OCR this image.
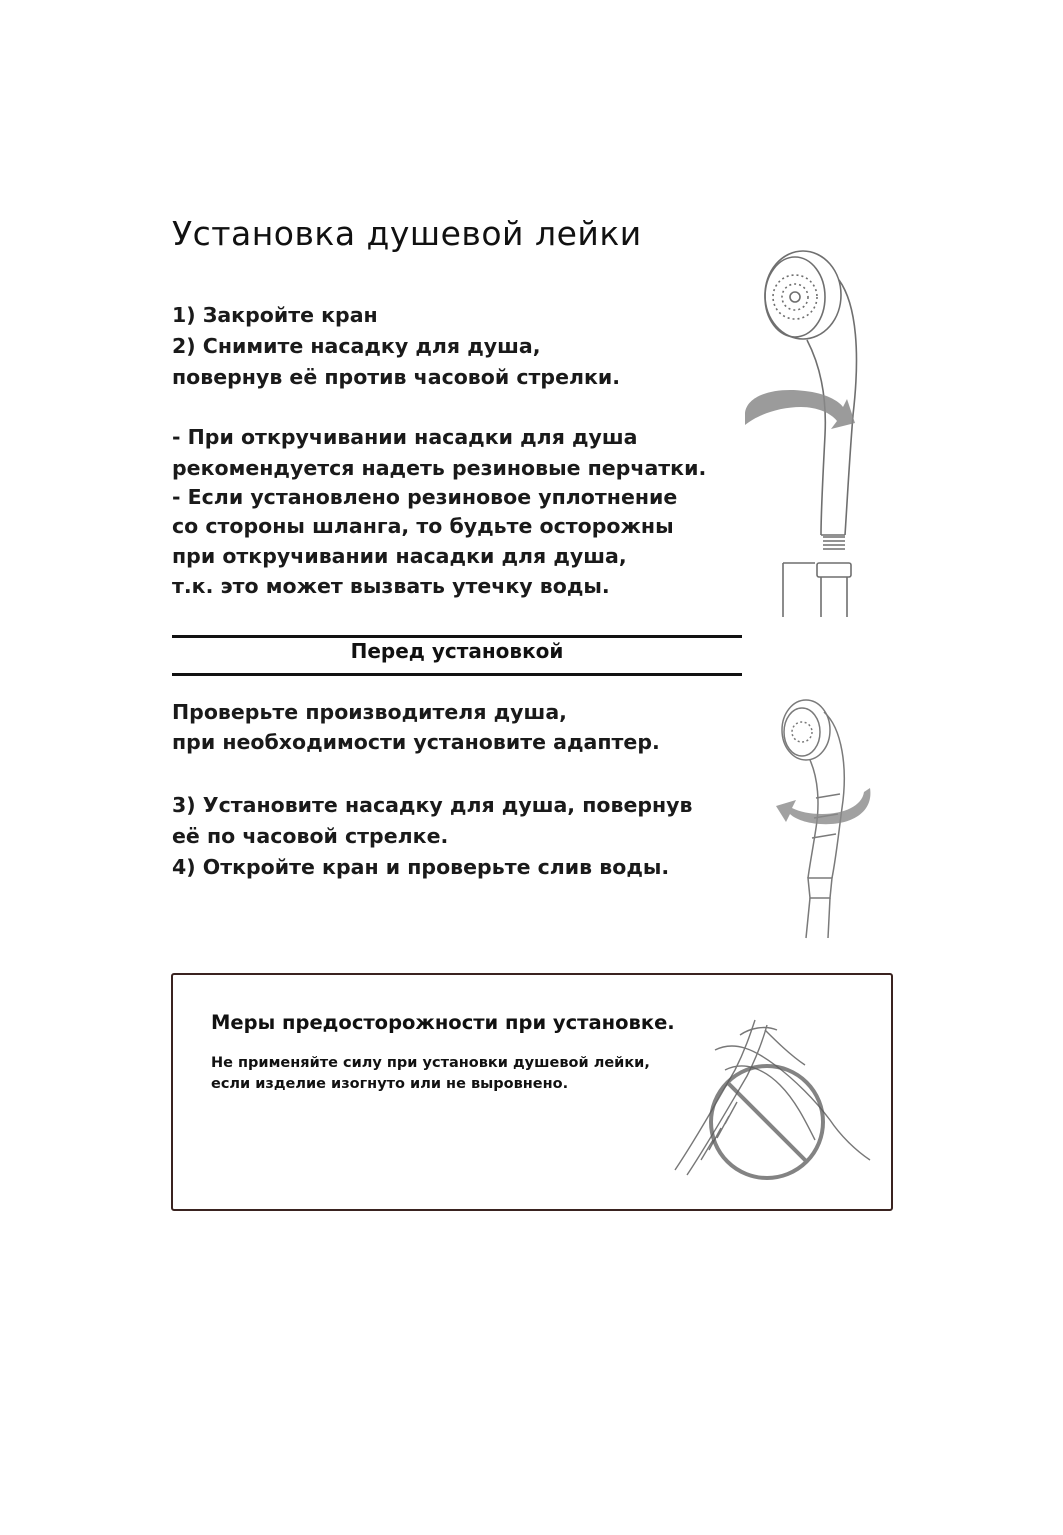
Установка душевой лейки
1) Закройте кран
2) Снимите насадку для душа,
повернув её против часовой стрелки.
- При откручивании насадки для душа
рекомендуется надеть резиновые перчатки.
- Если установлено резиновое уплотнение
со стороны шланга, то будьте осторожны
при откручивании насадки для душа,
т.к. это может вызвать утечку воды.
Перед установкой
Проверьте производителя душа,
при необходимости установите адаптер.
3) Установите насадку для душа, повернув
её по часовой стрелке.
4) Откройте кран и проверьте слив воды.
Меры предосторожности при установке.
Не применяйте силу при установки душевой лейки,
если изделие изогнуто или не выровнено.
